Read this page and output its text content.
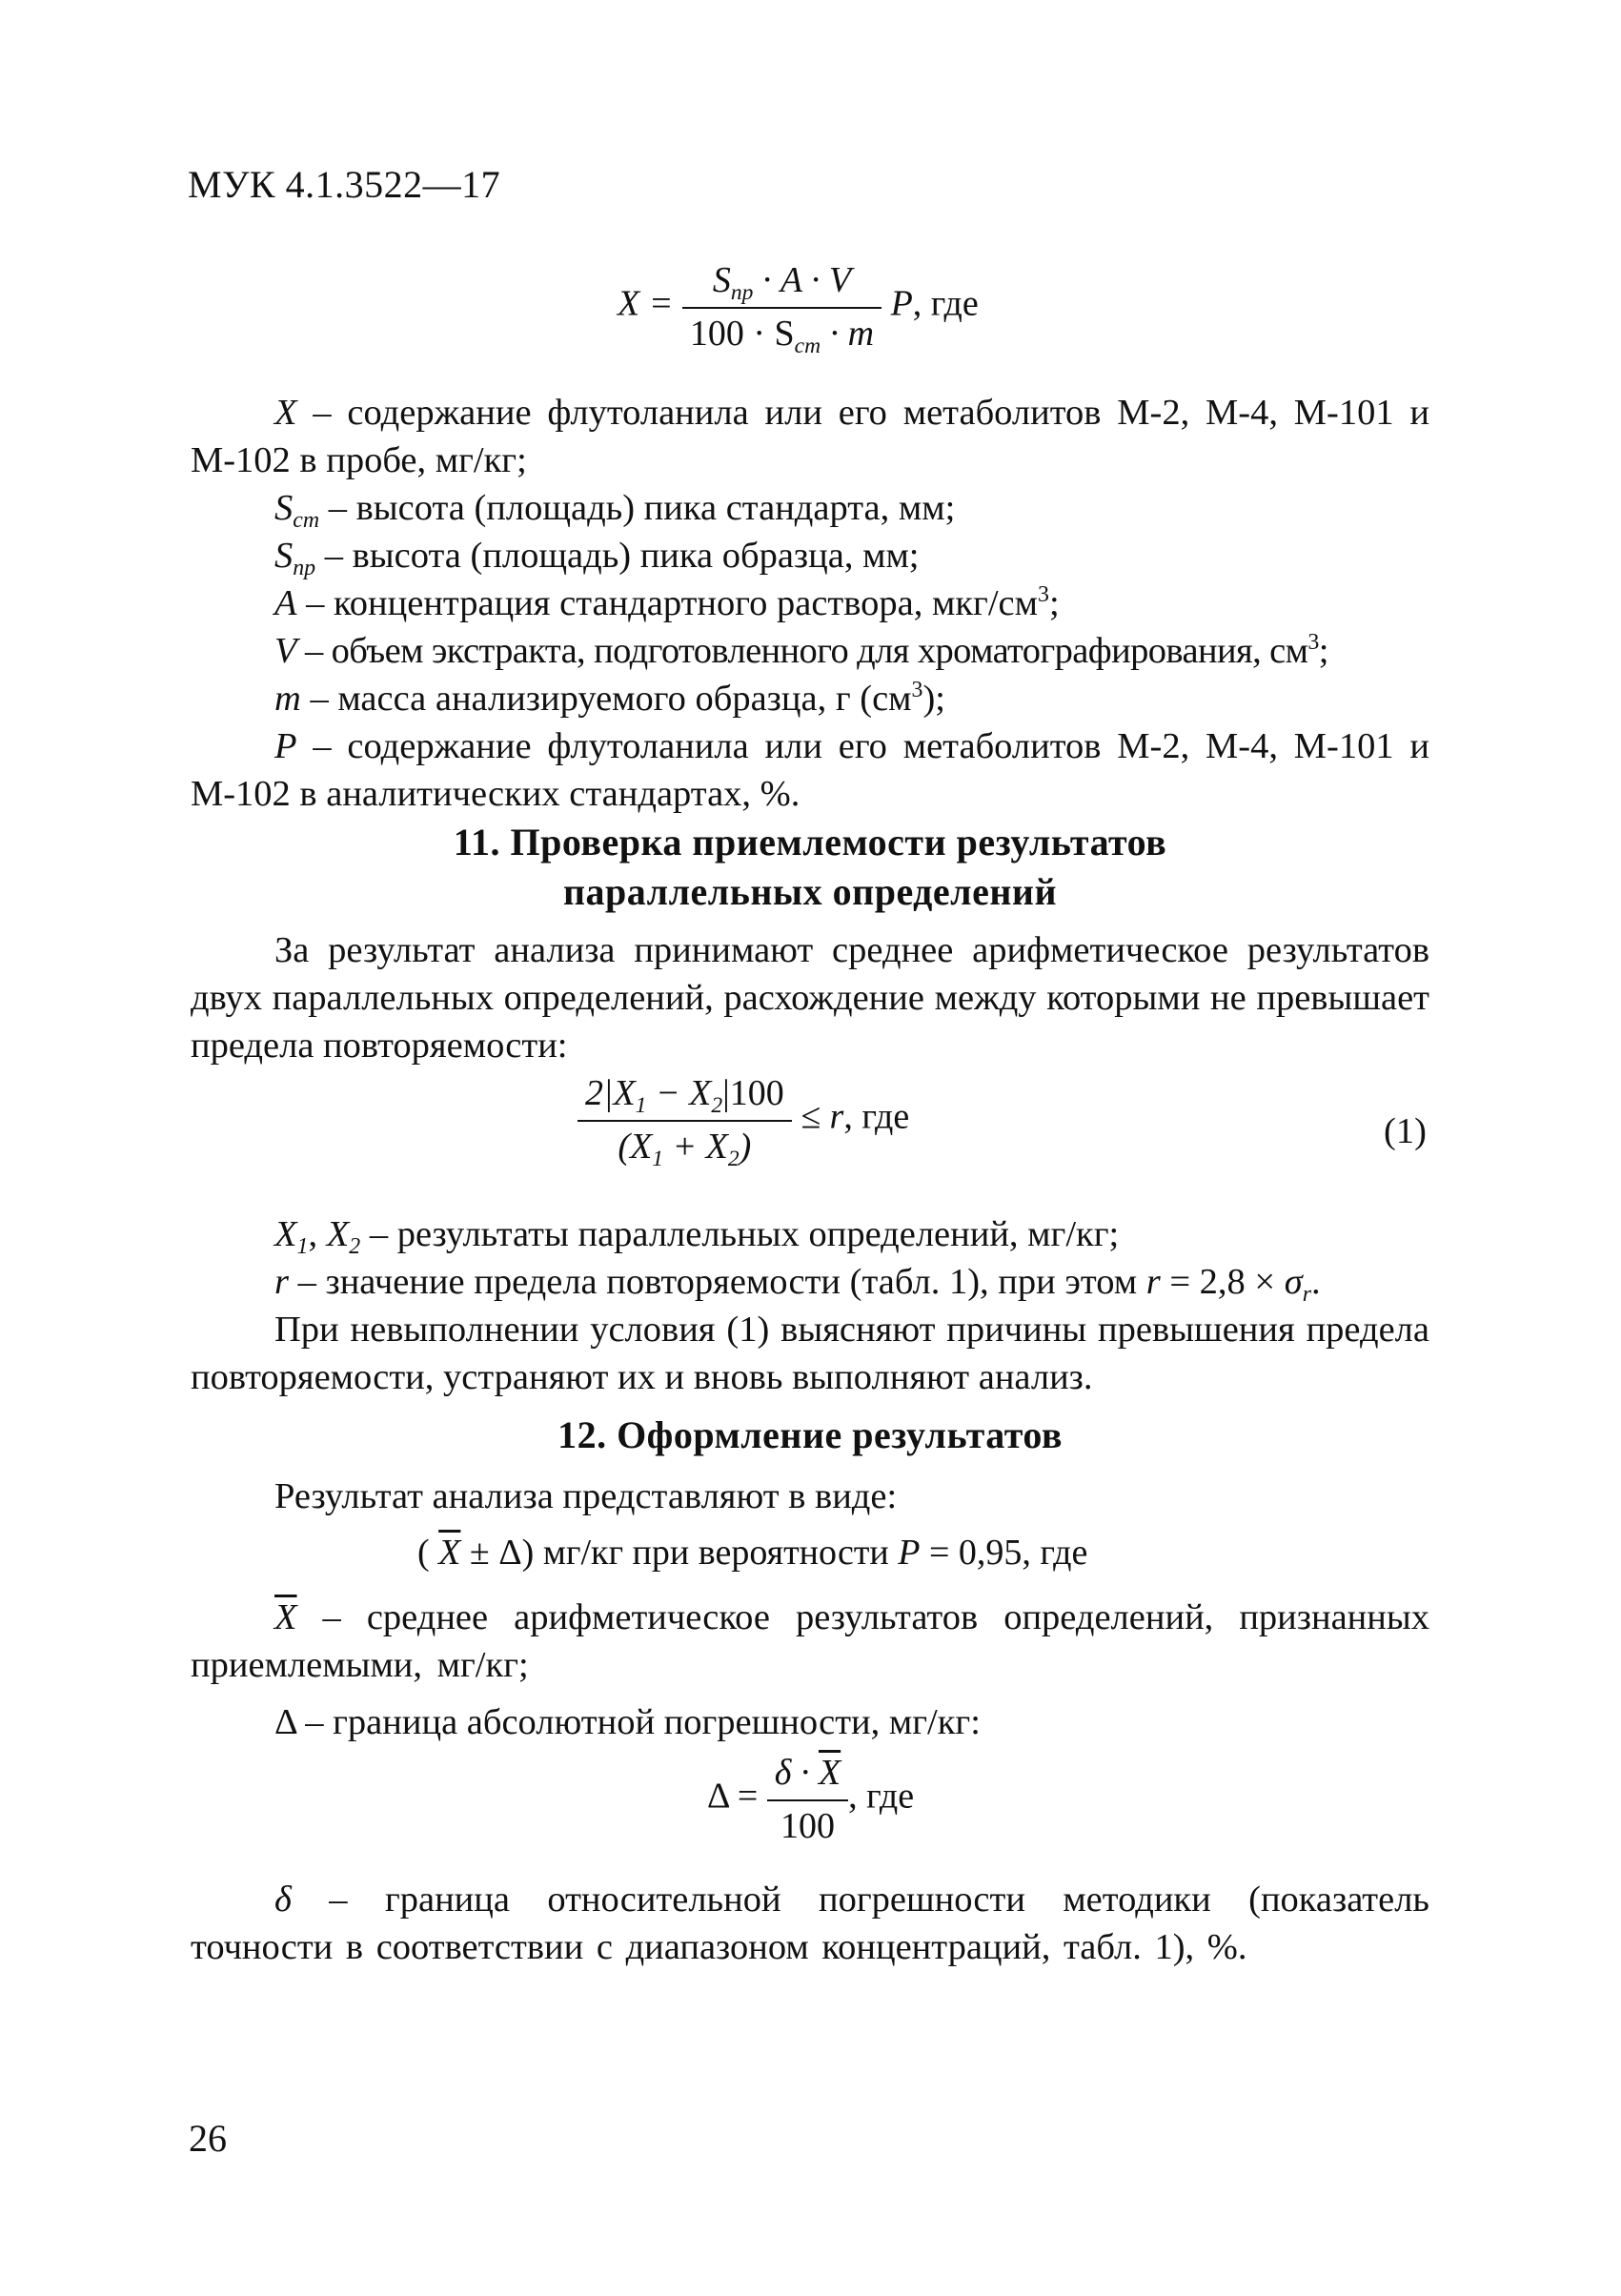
МУК 4.1.3522—17
$X = \frac{S_{пр} \cdot A \cdot V}{100 \cdot S_{ст} \cdot m} P$, где
X – содержание флутоланила или его метаболитов М-2, М-4, М-101 и М-102 в пробе, мг/кг;
$S_{ст}$ – высота (площадь) пика стандарта, мм;
$S_{пр}$ – высота (площадь) пика образца, мм;
A – концентрация стандартного раствора, мкг/$см^3$;
V – объем экстракта, подготовленного для хроматографирования, $см^3$;
m – масса анализируемого образца, г $(см^3)$;
P – содержание флутоланила или его метаболитов М-2, М-4, М-101 и М-102 в аналитических стандартах, %.
11. Проверка приемлемости результатов
параллельных определений
За результат анализа принимают среднее арифметическое результатов двух параллельных определений, расхождение между которыми не превышает предела повторяемости:
$\frac{2|X_1 - X_2|100}{(X_1 + X_2)} \le r$, где	(1)
$X_1$, $X_2$ – результаты параллельных определений, мг/кг;
r – значение предела повторяемости (табл. 1), при этом $r = 2,8 \times \sigma_r$.
При невыполнении условия (1) выясняют причины превышения предела повторяемости, устраняют их и вновь выполняют анализ.
12. Оформление результатов
Результат анализа представляют в виде:
( $\overline{X} \pm \Delta$) мг/кг при вероятности P = 0,95, где
$\overline{X}$ – среднее арифметическое результатов определений, признанных приемлемыми, мг/кг;
Δ – граница абсолютной погрешности, мг/кг:
$\Delta = \frac{\delta \cdot \overline{X}}{100}$ , где
δ – граница относительной погрешности методики (показатель точности в соответствии с диапазоном концентраций, табл. 1), %.
26
